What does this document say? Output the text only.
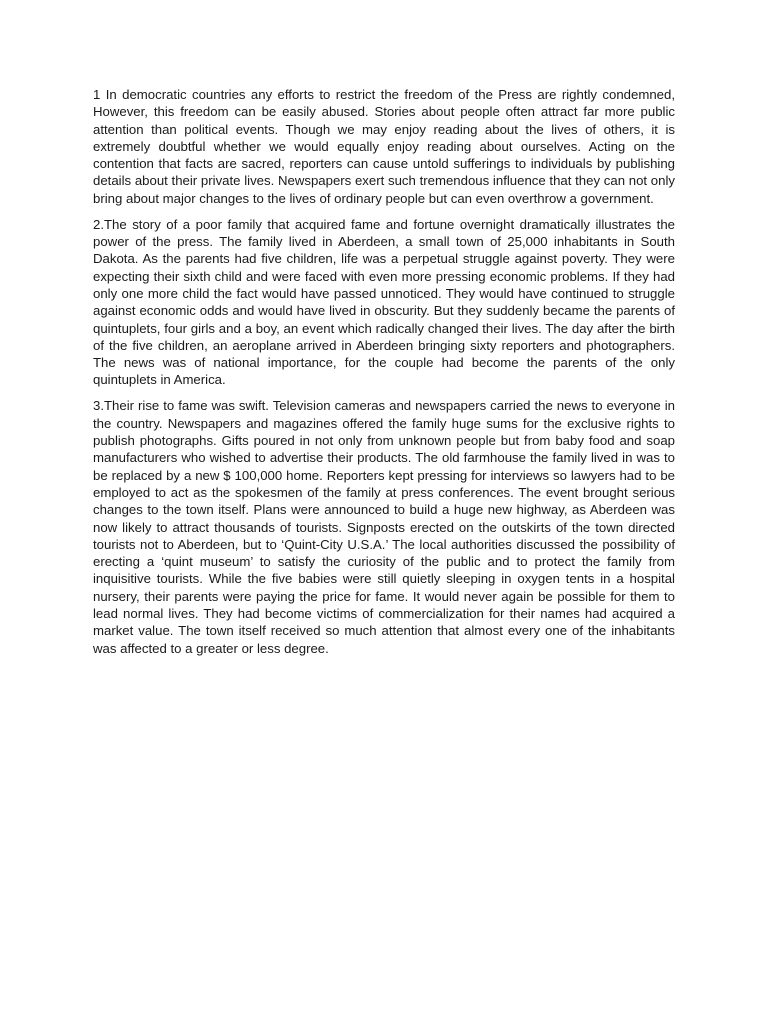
1 In democratic countries any efforts to restrict the freedom of the Press are rightly condemned, However, this freedom can be easily abused. Stories about people often attract far more public attention than political events. Though we may enjoy reading about the lives of others, it is extremely doubtful whether we would equally enjoy reading about ourselves. Acting on the contention that facts are sacred, reporters can cause untold sufferings to individuals by publishing details about their private lives. Newspapers exert such tremendous influence that they can not only bring about major changes to the lives of ordinary people but can even overthrow a government.

2.The story of a poor family that acquired fame and fortune overnight dramatically illustrates the power of the press. The family lived in Aberdeen, a small town of 25,000 inhabitants in South Dakota. As the parents had five children, life was a perpetual struggle against poverty. They were expecting their sixth child and were faced with even more pressing economic problems. If they had only one more child the fact would have passed unnoticed. They would have continued to struggle against economic odds and would have lived in obscurity. But they suddenly became the parents of quintuplets, four girls and a boy, an event which radically changed their lives. The day after the birth of the five children, an aeroplane arrived in Aberdeen bringing sixty reporters and photographers. The news was of national importance, for the couple had become the parents of the only quintuplets in America.

3.Their rise to fame was swift. Television cameras and newspapers carried the news to everyone in the country. Newspapers and magazines offered the family huge sums for the exclusive rights to publish photographs. Gifts poured in not only from unknown people but from baby food and soap manufacturers who wished to advertise their products. The old farmhouse the family lived in was to be replaced by a new $ 100,000 home. Reporters kept pressing for interviews so lawyers had to be employed to act as the spokesmen of the family at press conferences. The event brought serious changes to the town itself. Plans were announced to build a huge new highway, as Aberdeen was now likely to attract thousands of tourists. Signposts erected on the outskirts of the town directed tourists not to Aberdeen, but to ‘Quint-City U.S.A.’ The local authorities discussed the possibility of erecting a ‘quint museum’ to satisfy the curiosity of the public and to protect the family from inquisitive tourists. While the five babies were still quietly sleeping in oxygen tents in a hospital nursery, their parents were paying the price for fame. It would never again be possible for them to lead normal lives. They had become victims of commercialization for their names had acquired a market value. The town itself received so much attention that almost every one of the inhabitants was affected to a greater or less degree.
